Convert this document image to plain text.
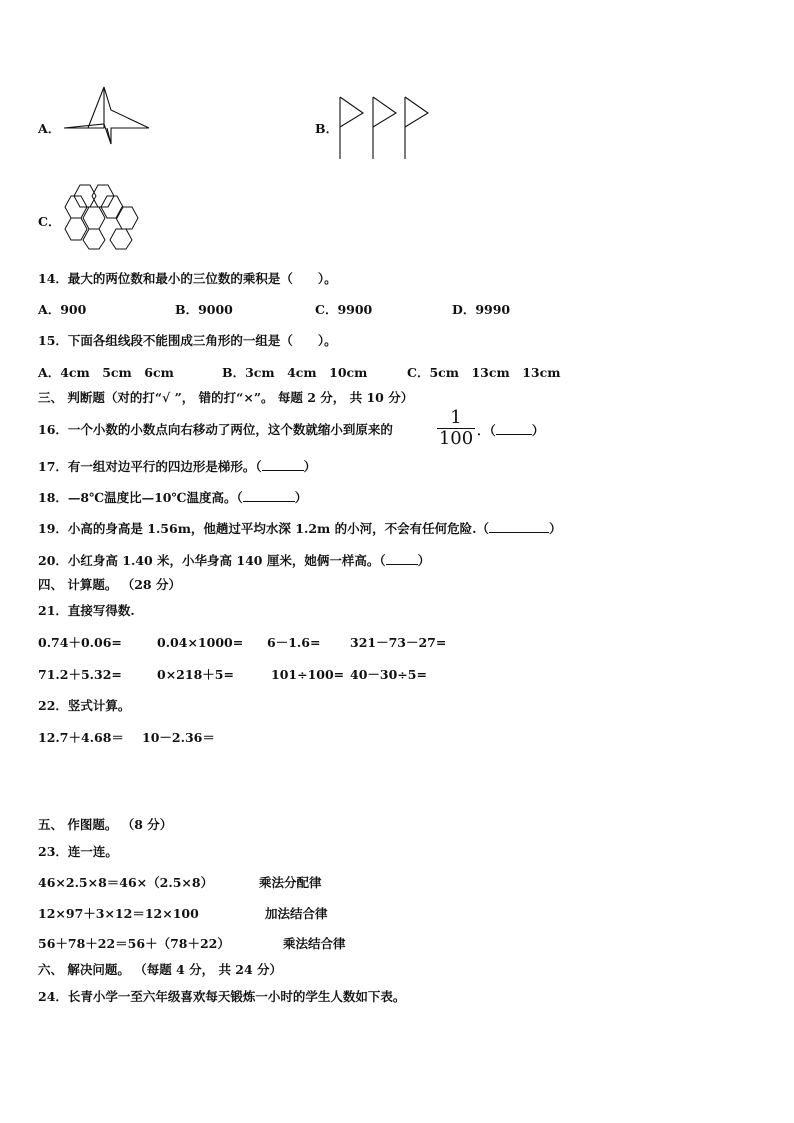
A．	B．
C．
14．最大的两位数和最小的三位数的乘积是（　　）。
A．900	B．9000	C．9900	D．9990
15．下面各组线段不能围成三角形的一组是（　　）。
A．4cm　5cm　6cm	B．3cm　4cm　10cm	C．5cm　13cm　13cm
三、 判断题（对的打“√ ”， 错的打“×”。 每题 2 分， 共 10 分）
16．一个小数的小数点向右移动了两位，这个数就缩小到原来的
1
100 ．（	）
17．有一组对边平行的四边形是梯形。（	）
18．—8℃温度比—10℃温度高。（	）
19．小高的身高是 1.56m，他趟过平均水深 1.2m 的小河，不会有任何危险.（	）
20．小红身高 1.40 米，小华身高 140 厘米，她俩一样高。（	）
四、 计算题。 （28 分）
21．直接写得数.
0.74＋0.06=	0.04×1000= 6－1.6= 321－73－27=
71.2＋5.32=	0×218＋5=	101÷100= 40－30÷5=
22．竖式计算。
12.7＋4.68＝ 10－2.36＝
五、 作图题。 （8 分）
23．连一连。
46×2.5×8＝46×（2.5×8）
12×97＋3×12＝12×100
56＋78＋22＝56＋（78＋22）
乘法分配律
加法结合律
乘法结合律
六、 解决问题。 （每题 4 分， 共 24 分）
24．长青小学一至六年级喜欢每天锻炼一小时的学生人数如下表。
